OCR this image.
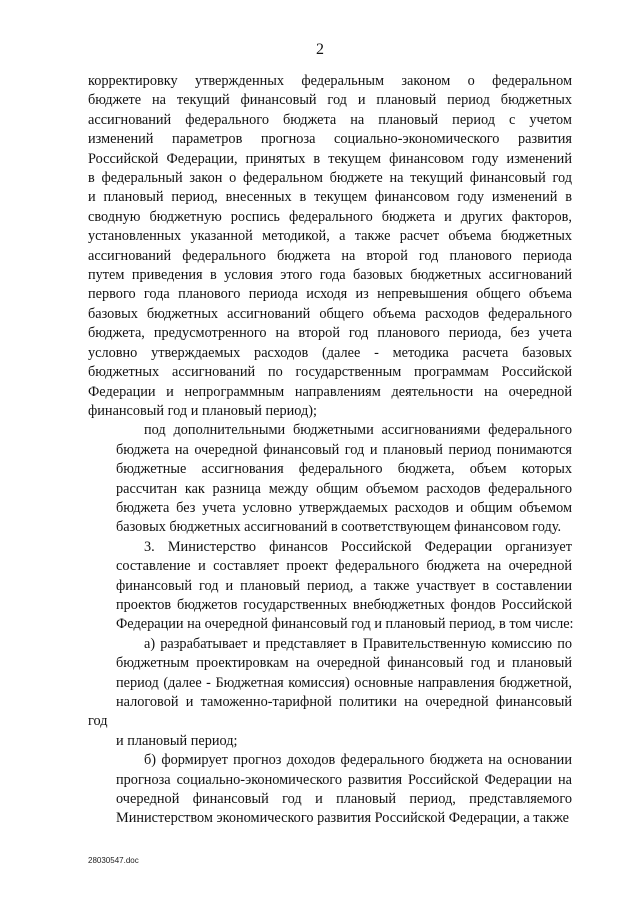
2
корректировку утвержденных федеральным законом о федеральном
бюджете на текущий финансовый год и плановый период бюджетных
ассигнований федерального бюджета на плановый период с учетом
изменений параметров прогноза социально-экономического развития
Российской Федерации, принятых в текущем финансовом году изменений
в федеральный закон о федеральном бюджете на текущий финансовый год
и плановый период, внесенных в текущем финансовом году изменений в
сводную бюджетную роспись федерального бюджета и других факторов,
установленных указанной методикой, а также расчет объема бюджетных
ассигнований федерального бюджета на второй год планового периода
путем приведения в условия этого года базовых бюджетных ассигнований
первого года планового периода исходя из непревышения общего объема
базовых бюджетных ассигнований общего объема расходов федерального
бюджета, предусмотренного на второй год планового периода, без учета
условно утверждаемых расходов (далее - методика расчета базовых
бюджетных ассигнований по государственным программам Российской
Федерации и непрограммным направлениям деятельности на очередной
финансовый год и плановый период);
под дополнительными бюджетными ассигнованиями федерального
бюджета на очередной финансовый год и плановый период понимаются
бюджетные ассигнования федерального бюджета, объем которых
рассчитан как разница между общим объемом расходов федерального
бюджета без учета условно утверждаемых расходов и общим объемом
базовых бюджетных ассигнований в соответствующем финансовом году.
3. Министерство финансов Российской Федерации организует
составление и составляет проект федерального бюджета на очередной
финансовый год и плановый период, а также участвует в составлении
проектов бюджетов государственных внебюджетных фондов Российской
Федерации на очередной финансовый год и плановый период, в том числе:
а) разрабатывает и представляет в Правительственную комиссию по
бюджетным проектировкам на очередной финансовый год и плановый
период (далее - Бюджетная комиссия) основные направления бюджетной,
налоговой и таможенно-тарифной политики на очередной финансовый год
и плановый период;
б) формирует прогноз доходов федерального бюджета на основании
прогноза социально-экономического развития Российской Федерации на
очередной финансовый год и плановый период, представляемого
Министерством экономического развития Российской Федерации, а также
28030547.doc
